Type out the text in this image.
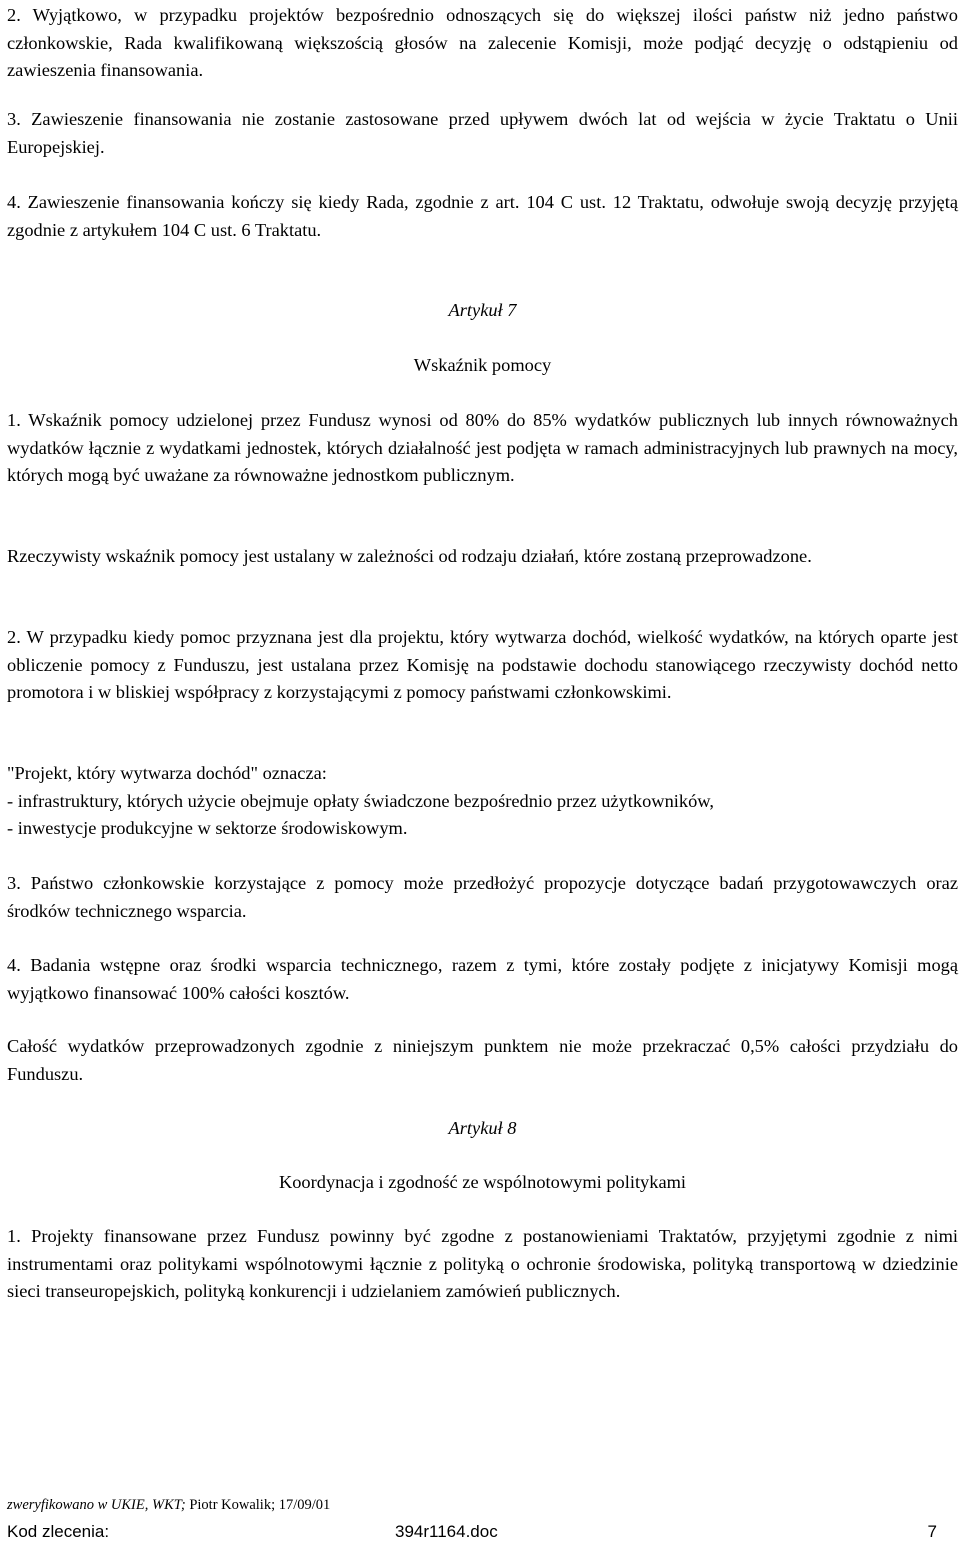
2. Wyjątkowo, w przypadku projektów bezpośrednio odnoszących się do większej ilości państw niż jedno państwo członkowskie, Rada kwalifikowaną większością głosów na zalecenie Komisji, może podjąć decyzję o odstąpieniu od zawieszenia finansowania.

3. Zawieszenie finansowania nie zostanie zastosowane przed upływem dwóch lat od wejścia w życie Traktatu o Unii Europejskiej.

4. Zawieszenie finansowania kończy się kiedy Rada, zgodnie z art. 104 C ust. 12 Traktatu, odwołuje swoją decyzję przyjętą zgodnie z artykułem 104 C ust. 6 Traktatu.

Artykuł 7

Wskaźnik pomocy

1. Wskaźnik pomocy udzielonej przez Fundusz wynosi od 80% do 85% wydatków publicznych lub innych równoważnych wydatków łącznie z wydatkami jednostek, których działalność jest podjęta w ramach administracyjnych lub prawnych na mocy, których mogą być uważane za równoważne jednostkom publicznym.

Rzeczywisty wskaźnik pomocy jest ustalany w zależności od rodzaju działań, które zostaną przeprowadzone.

2. W przypadku kiedy pomoc przyznana jest dla projektu, który wytwarza dochód, wielkość wydatków, na których oparte jest obliczenie pomocy z Funduszu, jest ustalana przez Komisję na podstawie dochodu stanowiącego rzeczywisty dochód netto promotora i w bliskiej współpracy z korzystającymi z pomocy państwami członkowskimi.

"Projekt, który wytwarza dochód" oznacza:

- infrastruktury, których użycie obejmuje opłaty świadczone bezpośrednio przez użytkowników,

- inwestycje produkcyjne w sektorze środowiskowym.

3. Państwo członkowskie korzystające z pomocy może przedłożyć propozycje dotyczące badań przygotowawczych oraz środków technicznego wsparcia.

4. Badania wstępne oraz środki wsparcia technicznego, razem z tymi, które zostały podjęte z inicjatywy Komisji mogą wyjątkowo finansować 100% całości kosztów.

Całość wydatków przeprowadzonych zgodnie z niniejszym punktem nie może przekraczać 0,5% całości przydziału do Funduszu.

Artykuł 8

Koordynacja i zgodność ze wspólnotowymi politykami

1. Projekty finansowane przez Fundusz powinny być zgodne z postanowieniami Traktatów, przyjętymi zgodnie z nimi instrumentami oraz politykami wspólnotowymi łącznie z polityką o ochronie środowiska, polityką transportową w dziedzinie sieci transeuropejskich, polityką konkurencji i udzielaniem zamówień publicznych.

zweryfikowano w UKIE, WKT; Piotr Kowalik; 17/09/01
Kod zlecenia:	394r1164.doc	7
